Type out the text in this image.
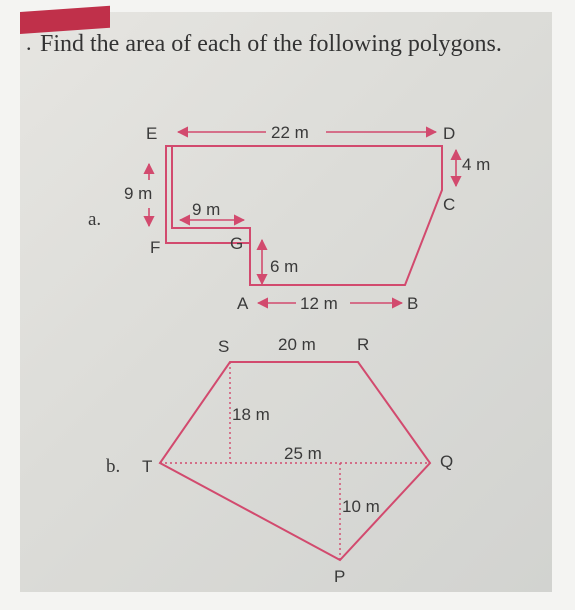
. Find the area of each of the following polygons.
a.
E	D
C
F	G
A	B
22 m
4 m
9 m
9 m
6 m
12 m
b.
S	R
Q
P
T
20 m
18 m
25 m
10 m
